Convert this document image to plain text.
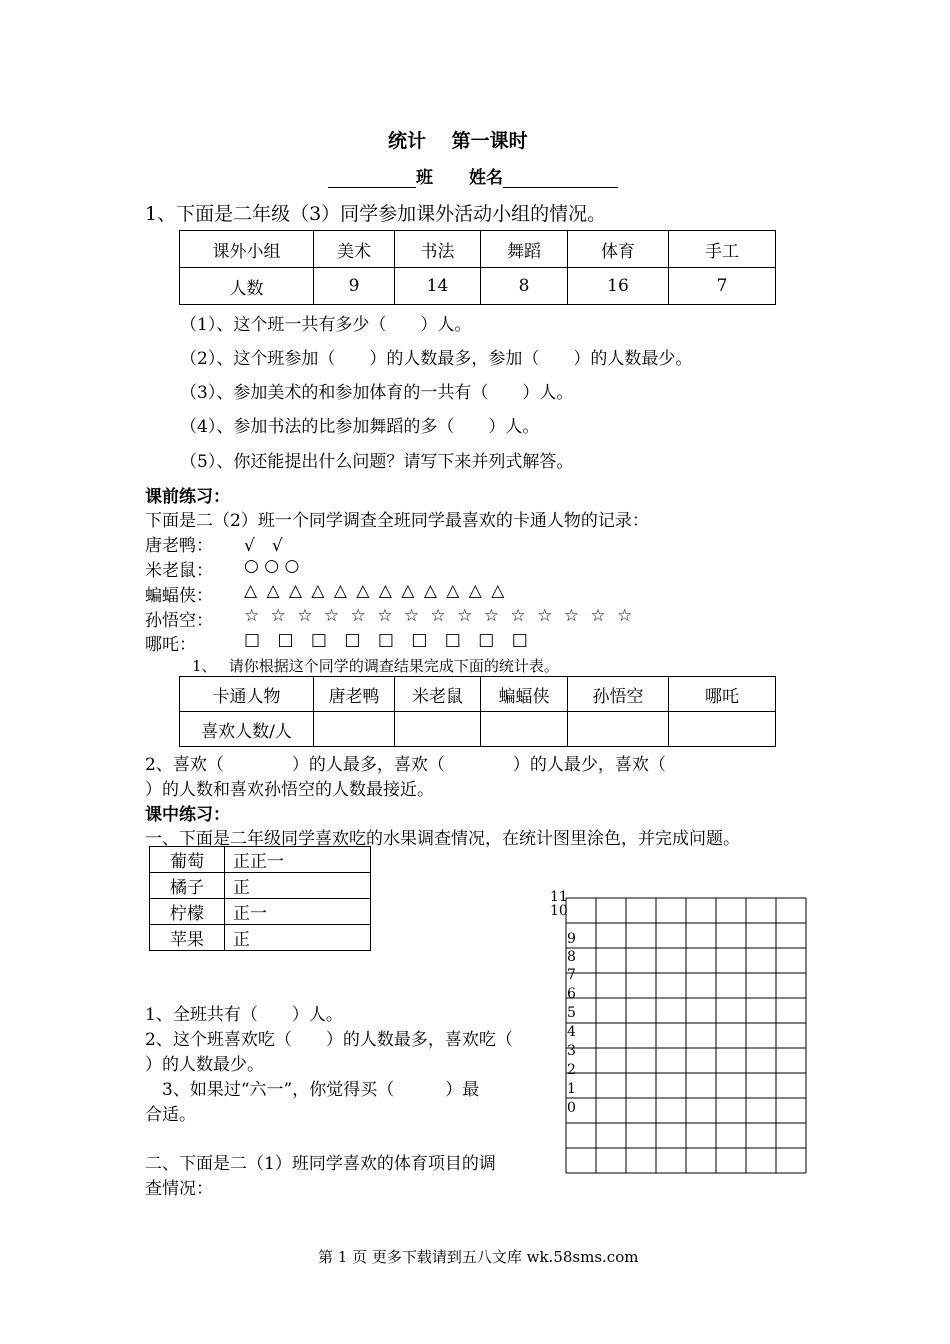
统计　 第一课时
班 姓名
1、下面是二年级（3）同学参加课外活动小组的情况。
课外小组	美术	书法	舞蹈	体育	手工
人数	9	14	8	16	7
（1）、这个班一共有多少（　　）人。
（2）、这个班参加（　　）的人数最多，参加（　　）的人数最少。
（3）、参加美术的和参加体育的一共有（　　）人。
（4）、参加书法的比参加舞蹈的多（　　）人。
（5）、你还能提出什么问题？请写下来并列式解答。
课前练习：
下面是二（2）班一个同学调查全班同学最喜欢的卡通人物的记录：
唐老鸭： √　√
米老鼠： ○ ○ ○
蝙蝠侠： △ △ △ △ △ △ △ △ △ △ △ △
孙悟空： ☆ ☆ ☆ ☆ ☆ ☆ ☆ ☆ ☆ ☆ ☆ ☆ ☆ ☆ ☆
哪吒：	□ □ □ □ □ □ □ □ □
1、　 请你根据这个同学的调查结果完成下面的统计表。
卡通人物	唐老鸭	米老鼠	蝙蝠侠	孙悟空	哪吒
喜欢人数/人					
2、喜欢（　　　　）的人最多，喜欢（　　　　）的人最少，喜欢（
）的人数和喜欢孙悟空的人数最接近。
课中练习：
一、下面是二年级同学喜欢吃的水果调查情况，在统计图里涂色，并完成问题。
葡萄	正正一
橘子	正
柠檬	正一
苹果	正
1、全班共有（　　）人。
2、这个班喜欢吃（　　）的人数最多，喜欢吃（
）的人数最少。
　3、如果过“六一”，你觉得买（　　　）最
合适。
二、下面是二（1）班同学喜欢的体育项目的调
查情况：
11
10
9
8
7
6
5
4
3
2
1
0
第 1 页 更多下载请到五八文库 wk.58sms.com
